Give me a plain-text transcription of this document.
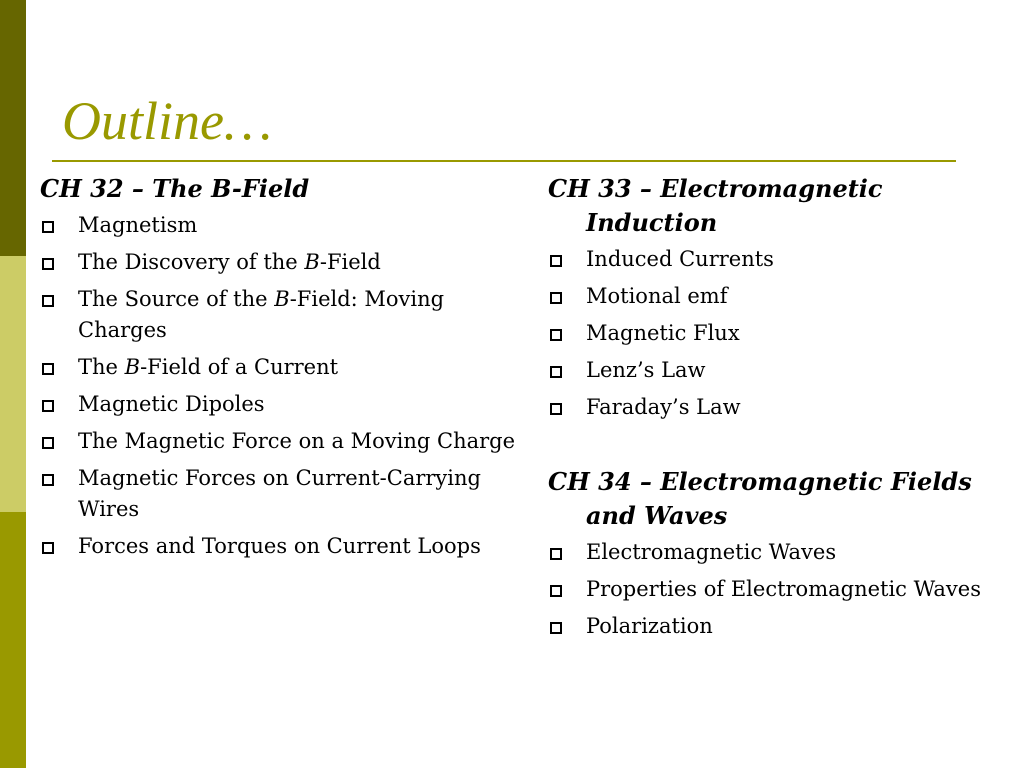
Outline…
CH 32 – The B-Field
Magnetism
The Discovery of the B-Field
The Source of the B-Field: Moving Charges
The B-Field of a Current
Magnetic Dipoles
The Magnetic Force on a Moving Charge
Magnetic Forces on Current-Carrying Wires
Forces and Torques on Current Loops
CH 33 – Electromagnetic Induction
Induced Currents
Motional emf
Magnetic Flux
Lenz’s Law
Faraday’s Law
CH 34 – Electromagnetic Fields and Waves
Electromagnetic Waves
Properties of Electromagnetic Waves
Polarization
